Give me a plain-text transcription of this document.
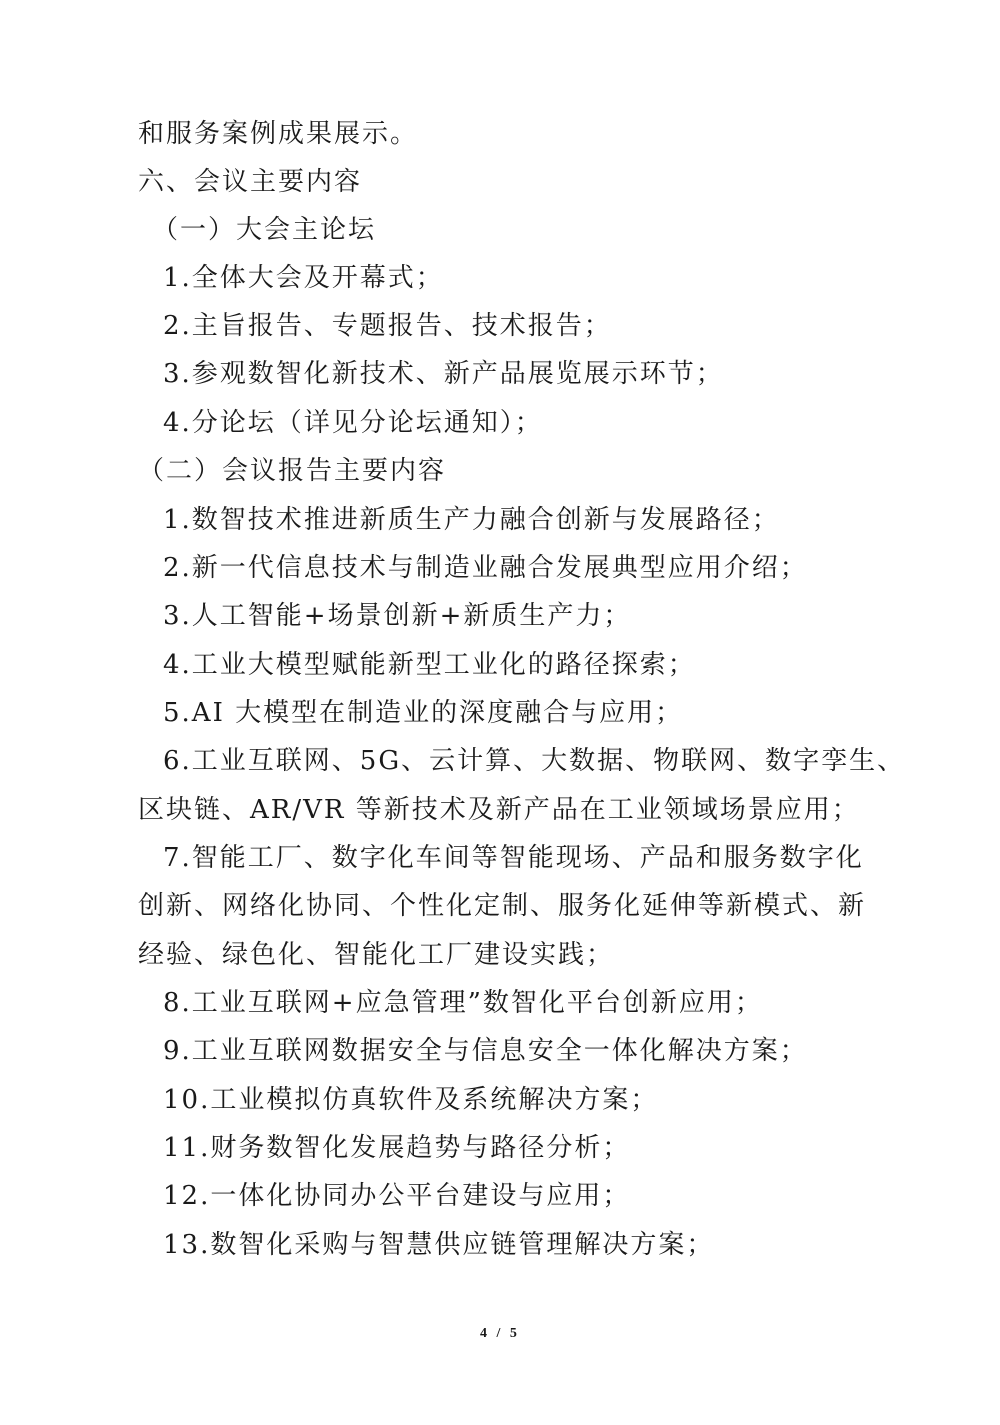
和服务案例成果展示。
六、会议主要内容
（一）大会主论坛
1.全体大会及开幕式；
2.主旨报告、专题报告、技术报告；
3.参观数智化新技术、新产品展览展示环节；
4.分论坛（详见分论坛通知）；
（二）会议报告主要内容
1.数智技术推进新质生产力融合创新与发展路径；
2.新一代信息技术与制造业融合发展典型应用介绍；
3.人工智能+场景创新+新质生产力；
4.工业大模型赋能新型工业化的路径探索；
5.AI 大模型在制造业的深度融合与应用；
6.工业互联网、5G、云计算、大数据、物联网、数字孪生、
区块链、AR/VR 等新技术及新产品在工业领域场景应用；
7.智能工厂、数字化车间等智能现场、产品和服务数字化
创新、网络化协同、个性化定制、服务化延伸等新模式、新
经验、绿色化、智能化工厂建设实践；
8.工业互联网+应急管理”数智化平台创新应用；
9.工业互联网数据安全与信息安全一体化解决方案；
10.工业模拟仿真软件及系统解决方案；
11.财务数智化发展趋势与路径分析；
12.一体化协同办公平台建设与应用；
13.数智化采购与智慧供应链管理解决方案；
4 / 5
